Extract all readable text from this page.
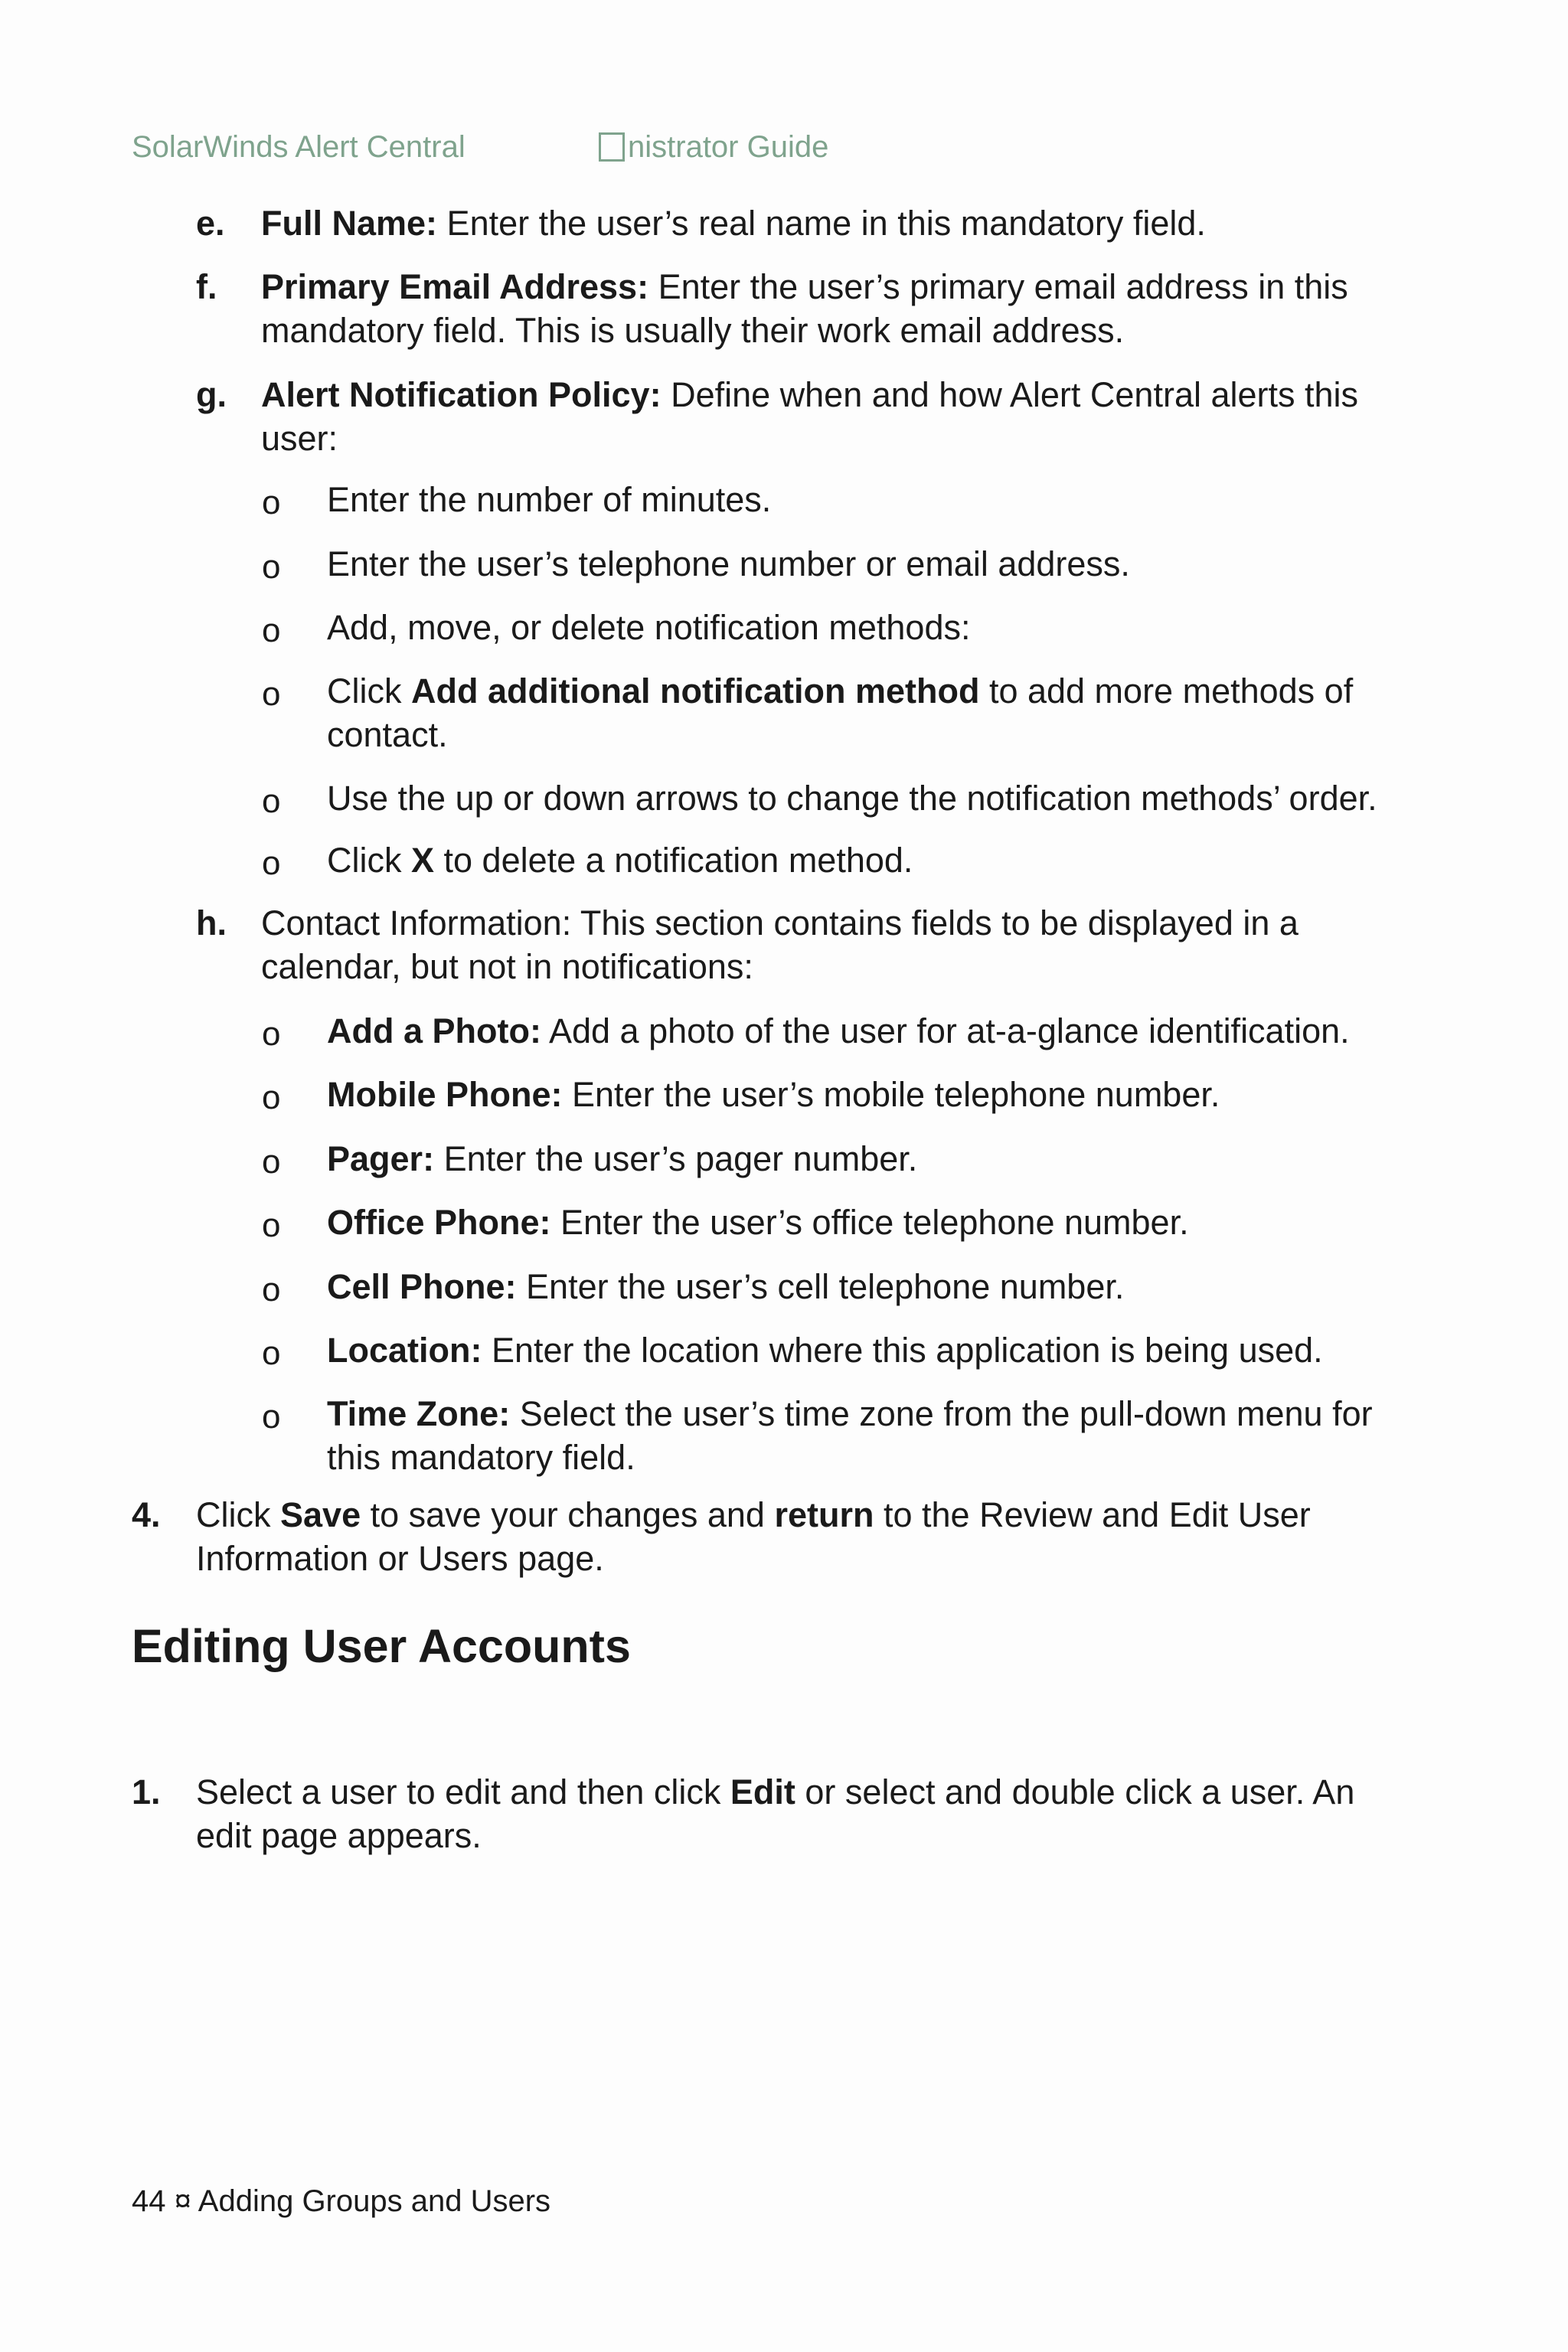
SolarWinds Alert Central	nistrator Guide
e. Full Name: Enter the user’s real name in this mandatory field.
f. Primary Email Address: Enter the user’s primary email address in this
mandatory field. This is usually their work email address.
g. Alert Notification Policy: Define when and how Alert Central alerts this
user:
o Enter the number of minutes.
o Enter the user’s telephone number or email address.
o Add, move, or delete notification methods:
o Click Add additional notification method to add more methods of
contact.
o Use the up or down arrows to change the notification methods’ order.
o Click X to delete a notification method.
h. Contact Information: This section contains fields to be displayed in a
calendar, but not in notifications:
o Add a Photo: Add a photo of the user for at-a-glance identification.
o Mobile Phone: Enter the user’s mobile telephone number.
o Pager: Enter the user’s pager number.
o Office Phone: Enter the user’s office telephone number.
o Cell Phone: Enter the user’s cell telephone number.
o Location: Enter the location where this application is being used.
o Time Zone: Select the user’s time zone from the pull-down menu for
this mandatory field.
4. Click Save to save your changes and return to the Review and Edit User
Information or Users page.
Editing User Accounts
1. Select a user to edit and then click Edit or select and double click a user. An
edit page appears.
44 ¤ Adding Groups and Users
